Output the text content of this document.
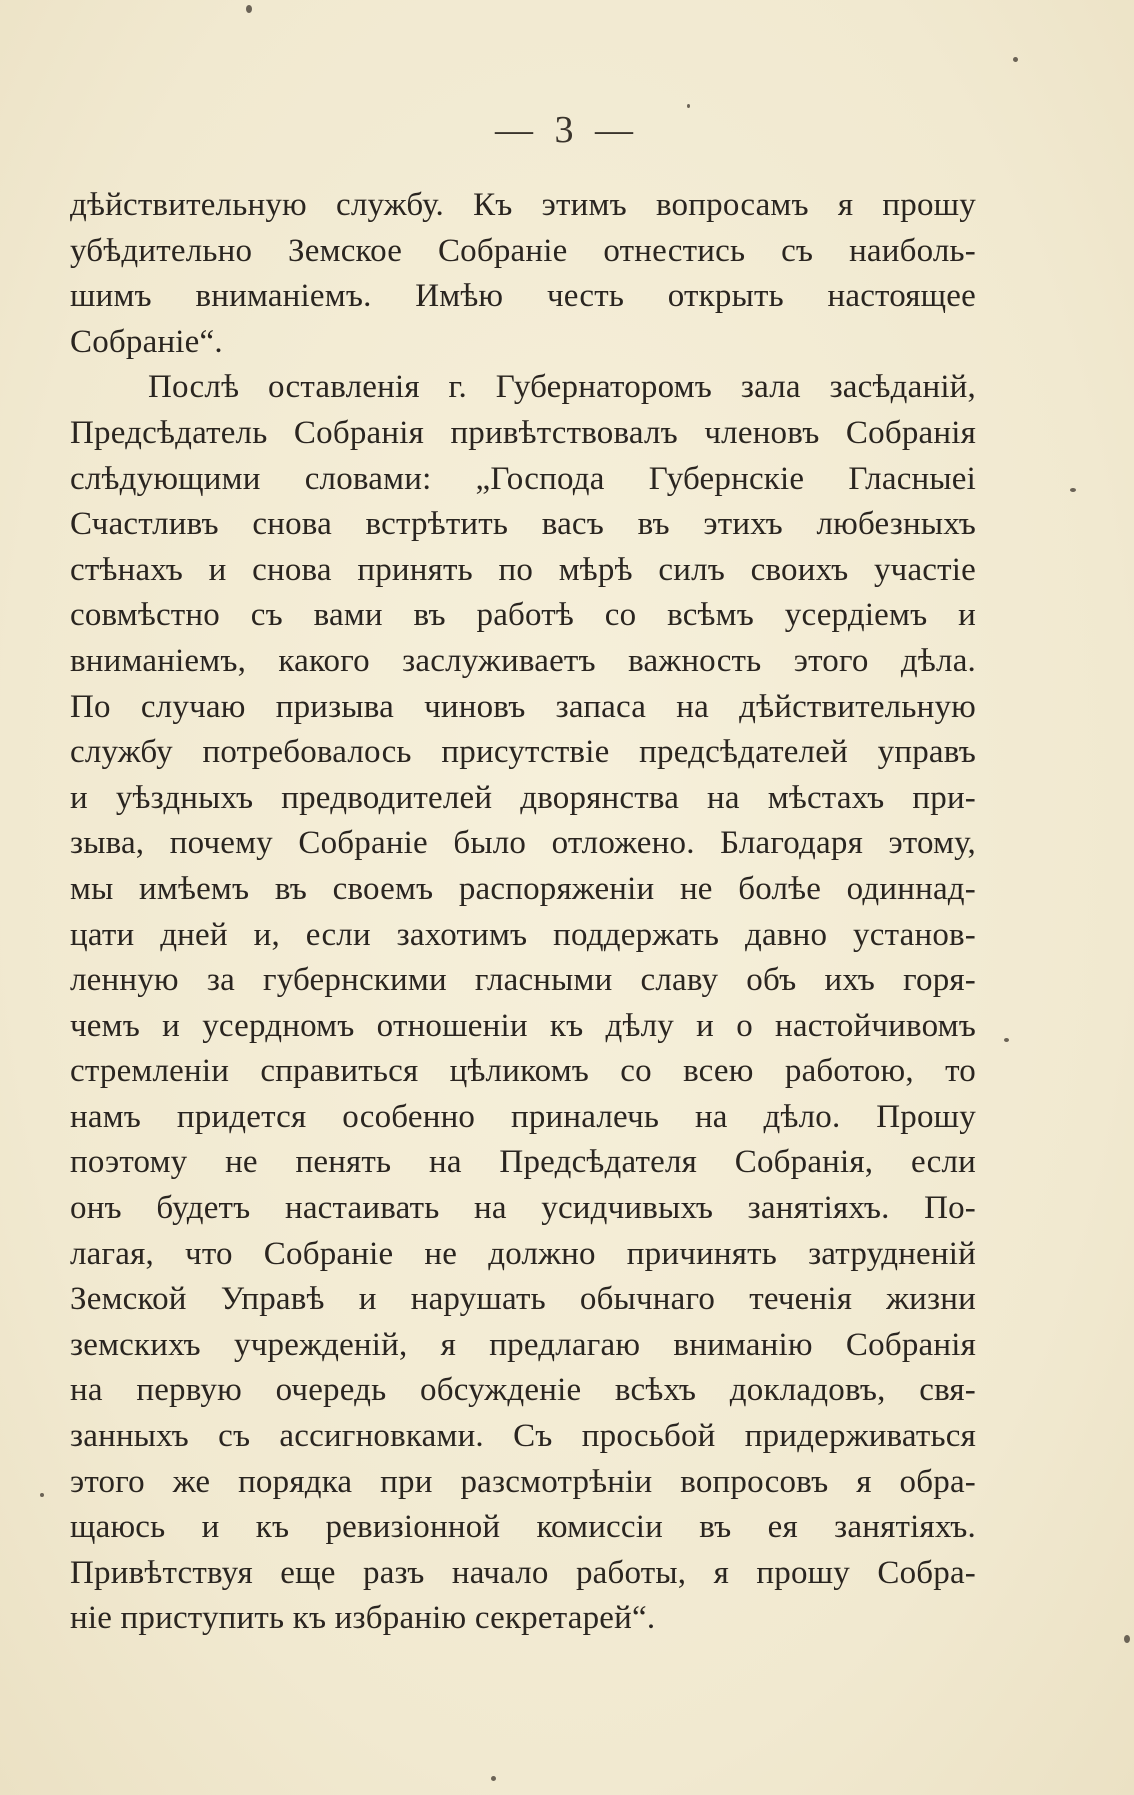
— 3 —
дѣйствительную службу. Къ этимъ вопросамъ я прошу
убѣдительно Земское Собраніе отнестись съ наиболь-
шимъ вниманіемъ. Имѣю честь открыть настоящее
Собраніе“.
Послѣ оставленія г. Губернаторомъ зала засѣданій,
Предсѣдатель Собранія привѣтствовалъ членовъ Собранія
слѣдующими словами: „Господа Губернскіе Гласныеі
Счастливъ снова встрѣтить васъ въ этихъ любезныхъ
стѣнахъ и снова принять по мѣрѣ силъ своихъ участіе
совмѣстно съ вами въ работѣ со всѣмъ усердіемъ и
вниманіемъ, какого заслуживаетъ важность этого дѣла.
По случаю призыва чиновъ запаса на дѣйствительную
службу потребовалось присутствіе предсѣдателей управъ
и уѣздныхъ предводителей дворянства на мѣстахъ при-
зыва, почему Собраніе было отложено. Благодаря этому,
мы имѣемъ въ своемъ распоряженіи не болѣе одиннад-
цати дней и, если захотимъ поддержать давно установ-
ленную за губернскими гласными славу объ ихъ горя-
чемъ и усердномъ отношеніи къ дѣлу и о настойчивомъ
стремленіи справиться цѣликомъ со всею работою, то
намъ придется особенно приналечь на дѣло. Прошу
поэтому не пенять на Предсѣдателя Собранія, если
онъ будетъ настаивать на усидчивыхъ занятіяхъ. По-
лагая, что Собраніе не должно причинять затрудненій
Земской Управѣ и нарушать обычнаго теченія жизни
земскихъ учрежденій, я предлагаю вниманію Собранія
на первую очередь обсужденіе всѣхъ докладовъ, свя-
занныхъ съ ассигновками. Съ просьбой придерживаться
этого же порядка при разсмотрѣніи вопросовъ я обра-
щаюсь и къ ревизіонной комиссіи въ ея занятіяхъ.
Привѣтствуя еще разъ начало работы, я прошу Собра-
ніе приступить къ избранію секретарей“.
